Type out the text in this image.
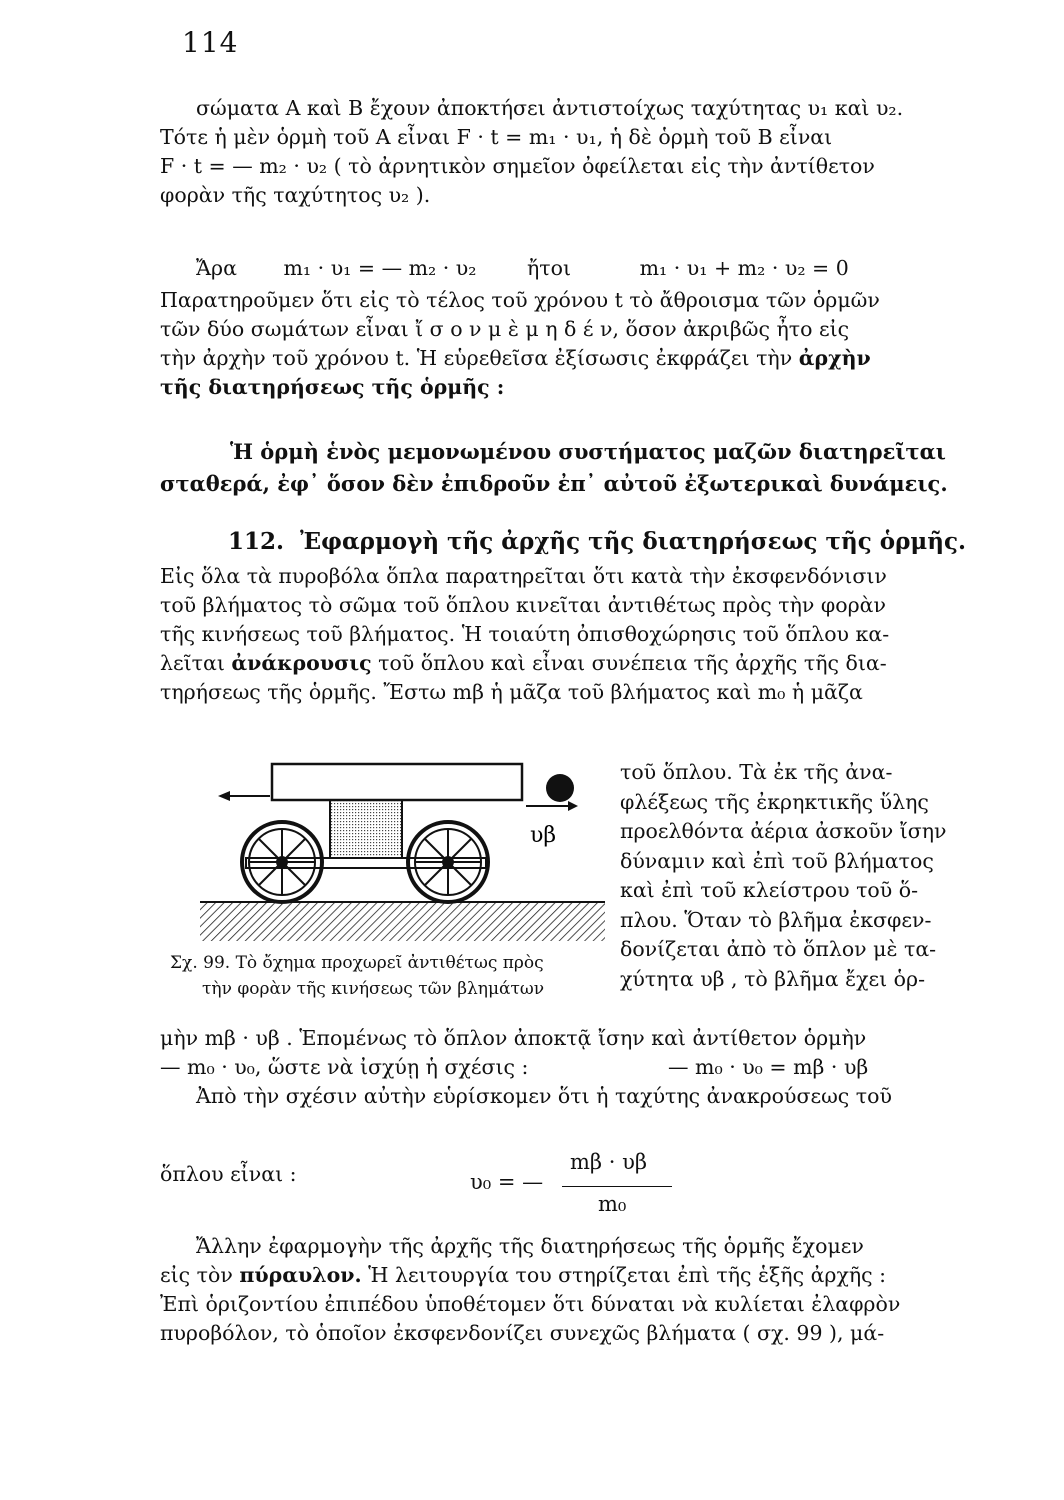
114

σώματα Α καὶ Β ἔχουν ἀποκτήσει ἀντιστοίχως ταχύτητας υ₁ καὶ υ₂.

Τότε ἡ μὲν ὁρμὴ τοῦ Α εἶναι F · t = m₁ · υ₁, ἡ δὲ ὁρμὴ τοῦ Β εἶναι

F · t = — m₂ · υ₂ ( τὸ ἀρνητικὸν σημεῖον ὀφείλεται εἰς τὴν ἀντίθετον

φορὰν τῆς ταχύτητος υ₂ ).

Ἄρα m₁ · υ₁ = — m₂ · υ₂ ἤτοι	m₁ · υ₁ + m₂ · υ₂ = 0

Παρατηροῦμεν ὅτι εἰς τὸ τέλος τοῦ χρόνου t τὸ ἄθροισμα τῶν ὁρμῶν

τῶν δύο σωμάτων εἶναι ἴ σ ο ν μ ὲ μ η δ έ ν, ὅσον ἀκριβῶς ἦτο εἰς

τὴν ἀρχὴν τοῦ χρόνου t. Ἡ εὑρεθεῖσα ἐξίσωσις ἐκφράζει τὴν ἀρχὴν

τῆς διατηρήσεως τῆς ὁρμῆς :

Ἡ ὁρμὴ ἑνὸς μεμονωμένου συστήματος μαζῶν διατηρεῖται σταθερά, ἐφ᾽ ὅσον δὲν ἐπιδροῦν ἐπ᾽ αὐτοῦ ἐξωτερικαὶ δυνάμεις.
112. Ἐφαρμογὴ τῆς ἀρχῆς τῆς διατηρήσεως τῆς ὁρμῆς.

Εἰς ὅλα τὰ πυροβόλα ὅπλα παρατηρεῖται ὅτι κατὰ τὴν ἐκσφενδόνισιν

τοῦ βλήματος τὸ σῶμα τοῦ ὅπλου κινεῖται ἀντιθέτως πρὸς τὴν φορὰν

τῆς κινήσεως τοῦ βλήματος. Ἡ τοιαύτη ὀπισθοχώρησις τοῦ ὅπλου κα-

λεῖται ἀνάκρουσις τοῦ ὅπλου καὶ εἶναι συνέπεια τῆς ἀρχῆς τῆς δια-

τηρήσεως τῆς ὁρμῆς. Ἔστω mβ ἡ μᾶζα τοῦ βλήματος καὶ m₀ ἡ μᾶζα

τοῦ ὅπλου. Τὰ ἐκ τῆς ἀνα-
φλέξεως τῆς ἐκρηκτικῆς ὕλης
προελθόντα ἀέρια ἀσκοῦν ἴσην
δύναμιν καὶ ἐπὶ τοῦ βλήματος
καὶ ἐπὶ τοῦ κλείστρου τοῦ ὅ-
πλου. Ὅταν τὸ βλῆμα ἐκσφεν-
δονίζεται ἀπὸ τὸ ὅπλον μὲ τα-
χύτητα υβ , τὸ βλῆμα ἔχει ὁρ-
υβ
Σχ. 99. Τὸ ὄχημα προχωρεῖ ἀντιθέτως πρὸς
τὴν φορὰν τῆς κινήσεως τῶν βλημάτων

μὴν mβ · υβ . Ἑπομένως τὸ ὅπλον ἀποκτᾷ ἴσην καὶ ἀντίθετον ὁρμὴν

— m₀ · υ₀, ὥστε νὰ ἰσχύῃ ἡ σχέσις :	— m₀ · υ₀ = mβ · υβ

Ἀπὸ τὴν σχέσιν αὐτὴν εὑρίσκομεν ὅτι ἡ ταχύτης ἀνακρούσεως τοῦ

ὅπλου εἶναι :	υ₀ = —
mβ · υβ
m₀

Ἄλλην ἐφαρμογὴν τῆς ἀρχῆς τῆς διατηρήσεως τῆς ὁρμῆς ἔχομεν

εἰς τὸν πύραυλον. Ἡ λειτουργία του στηρίζεται ἐπὶ τῆς ἑξῆς ἀρχῆς :

Ἐπὶ ὁριζοντίου ἐπιπέδου ὑποθέτομεν ὅτι δύναται νὰ κυλίεται ἐλαφρὸν

πυροβόλον, τὸ ὁποῖον ἐκσφενδονίζει συνεχῶς βλήματα ( σχ. 99 ), μά-
